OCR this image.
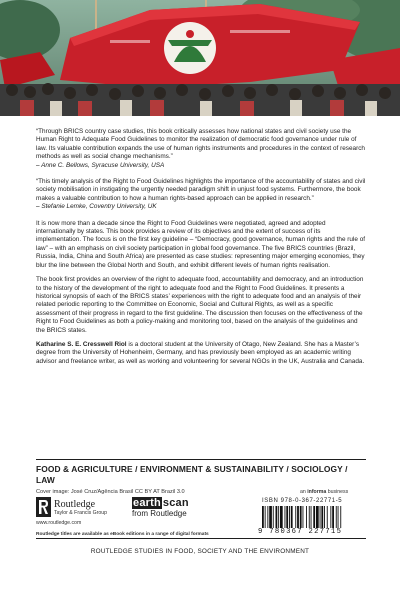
“Through BRICS country case studies, this book critically assesses how national states and civil society use the Human Right to Adequate Food Guidelines to monitor the realization of democratic food governance under rule of law. Its valuable contribution expands the use of human rights instruments and procedures in the context of research methods as well as social change mechanisms.”
– Anne C. Bellows, Syracuse University, USA

“This timely analysis of the Right to Food Guidelines highlights the importance of the accountability of states and civil society mobilisation in instigating the urgently needed paradigm shift in unjust food systems. Furthermore, the book makes a valuable contribution to how a human rights-based approach can be applied in research.”
– Stefanie Lemke, Coventry University, UK

It is now more than a decade since the Right to Food Guidelines were negotiated, agreed and adopted internationally by states. This book provides a review of its objectives and the extent of success of its implementation. The focus is on the first key guideline – “Democracy, good governance, human rights and the rule of law” – with an emphasis on civil society participation in global food governance. The five BRICS countries (Brazil, Russia, India, China and South Africa) are presented as case studies: representing major emerging economies, they blur the line between the Global North and South, and exhibit different levels of human rights realisation.

The book first provides an overview of the right to adequate food, accountability and democracy, and an introduction to the history of the development of the right to adequate food and the Right to Food Guidelines. It presents a historical synopsis of each of the BRICS states’ experiences with the right to adequate food and an analysis of their related periodic reporting to the Committee on Economic, Social and Cultural Rights, as well as a specific assessment of their progress in regard to the first guideline. The discussion then focuses on the effectiveness of the Right to Food Guidelines as both a policy-making and monitoring tool, based on the analysis of the guidelines and the BRICS states.

Katharine S. E. Cresswell Riol is a doctoral student at the University of Otago, New Zealand. She has a Master’s degree from the University of Hohenheim, Germany, and has previously been employed as an academic writing advisor and freelance writer, as well as working and volunteering for several NGOs in the UK, Australia and Canada.

FOOD & AGRICULTURE / ENVIRONMENT & SUSTAINABILITY / SOCIOLOGY / LAW
Cover image: José Cruz/Agência Brasil CC BY AT Brazil 3.0	an informa business
Routledge
Taylor & Francis Group
www.routledge.com
earth scan
from Routledge
ISBN 978-0-367-22771-5
9 780367 227715
Routledge titles are available as eBook editions in a range of digital formats
ROUTLEDGE STUDIES IN FOOD, SOCIETY AND THE ENVIRONMENT
